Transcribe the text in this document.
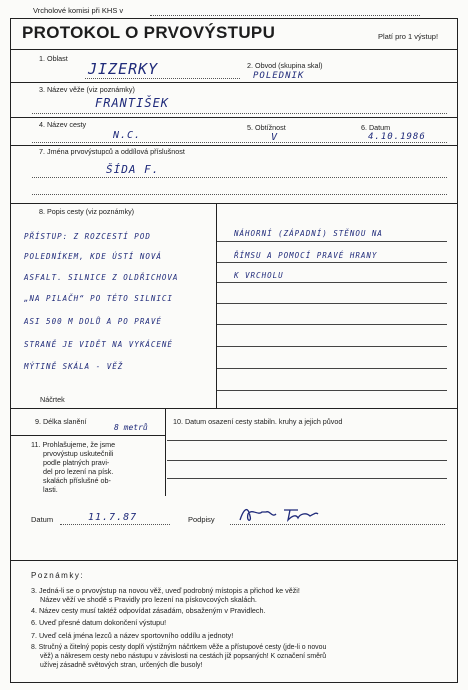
Vrcholové komisi při KHS v
PROTOKOL O PRVOVÝSTUPU	Platí pro 1 výstup!
1. Oblast
JIZERKY	2. Obvod (skupina skal)
POLEDNIK
3. Název věže (viz poznámky)
FRANTIŠEK
4. Název cesty
N.C.
5. Obtížnost
V
6. Datum
4.10.1986
7. Jména prvovýstupců a oddílová příslušnost
ŠÍDA F.
8. Popis cesty (viz poznámky)
PŘÍSTUP: Z ROZCESTÍ POD
POLEDNÍKEM, KDE ÚSTÍ NOVÁ
ASFALT. SILNICE Z OLDŘICHOVA
„NA PILAČH“ PO TÉTO SILNICI
ASI 500 M DOLŮ A PO PRAVÉ
STRANĚ JE VIDĚT NA VYKÁCENÉ
MÝTINĚ SKÁLA - VĚŽ
NÁHORNÍ (ZÁPADNÍ) STĚNOU NA
ŘÍMSU A POMOCÍ PRAVÉ HRANY
K VRCHOLU
Náčrtek
9. Délka slanění
8 metrů
10. Datum osazení cesty stabiln. kruhy a jejich původ
11. Prohlašujeme, že jsme
prvovýstup uskutečnili
podle platných pravi-
del pro lezení na písk.
skalách příslušné ob-
lasti.
Datum	11.7.87	Podpisy
Poznámky:
3. Jedná-li se o prvovýstup na novou věž, uveď podrobný místopis a přichod ke věži!
Název věží ve shodě s Pravidly pro lezení na pískovcových skalách.
4. Název cesty musí taktéž odpovídat zásadám, obsaženým v Pravidlech.
6. Uveď přesné datum dokončení výstupu!
7. Uveď celá jména lezců a název sportovního oddílu a jednoty!
8. Stručný a čitelný popis cesty doplň výstižným náčrtkem věže a přístupové cesty (jde-li o novou
věž) a nákresem cesty nebo nástupu v závislosti na cestách již popsaných! K označení směrů
užívej zásadně světových stran, určených dle busoly!
